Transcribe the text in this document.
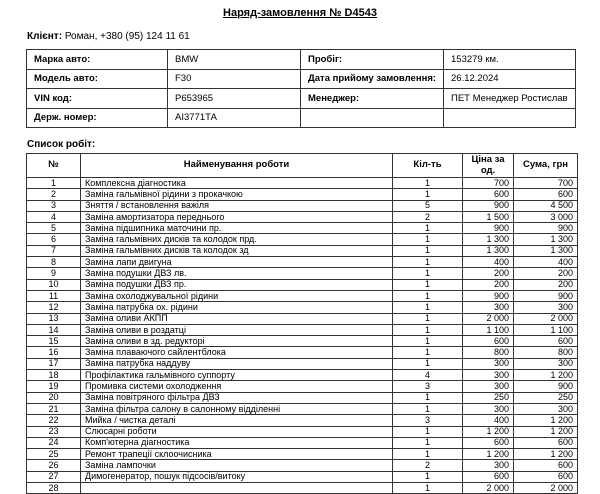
Наряд-замовлення № D4543
Клієнт: Роман, +380 (95) 124 11 61
Марка авто:	BMW	Пробіг:	153279 км.
Модель авто:	F30	Дата прийому замовлення:	26.12.2024
VIN код:	P653965	Менеджер:	ПЕТ Менеджер Ростислав
Держ. номер:	АІ3771ТА		
Список робіт:
№	Найменування роботи	Кіл-ть	Ціна за од.	Сума, грн
1	Комплексна діагностика	1	700	700
2	Заміна гальмівної рідини з прокачкою	1	600	600
3	Зняття / встановлення важіля	5	900	4 500
4	Заміна амортизатора переднього	2	1 500	3 000
5	Заміна підшипника маточини пр.	1	900	900
6	Заміна гальмівних дисків та колодок прд.	1	1 300	1 300
7	Заміна гальмівних дисків та колодок зд	1	1 300	1 300
8	Заміна лапи двигуна	1	400	400
9	Заміна подушки ДВЗ лв.	1	200	200
10	Заміна подушки ДВЗ пр.	1	200	200
11	Заміна охолоджувальної рідини	1	900	900
12	Заміна патрубка ох. рідини	1	300	300
13	Заміна оливи АКПП	1	2 000	2 000
14	Заміна оливи в роздатці	1	1 100	1 100
15	Заміна оливи в зд. редукторі	1	600	600
16	Заміна плаваючого сайлентблока	1	800	800
17	Заміна патрубка наддуву	1	300	300
18	Профілактика гальмівного суппорту	4	300	1 200
19	Промивка системи охолодження	3	300	900
20	Заміна повітряного фільтра ДВЗ	1	250	250
21	Заміна фільтра салону в салонному відділенні	1	300	300
22	Мийка / чистка деталі	3	400	1 200
23	Слюсарні роботи	1	1 200	1 200
24	Комп'ютерна діагностика	1	600	600
25	Ремонт трапеції склоочисника	1	1 200	1 200
26	Заміна лампочки	2	300	600
27	Димогенератор, пошук підсосів/витоку	1	600	600
28		1	2 000	2 000
